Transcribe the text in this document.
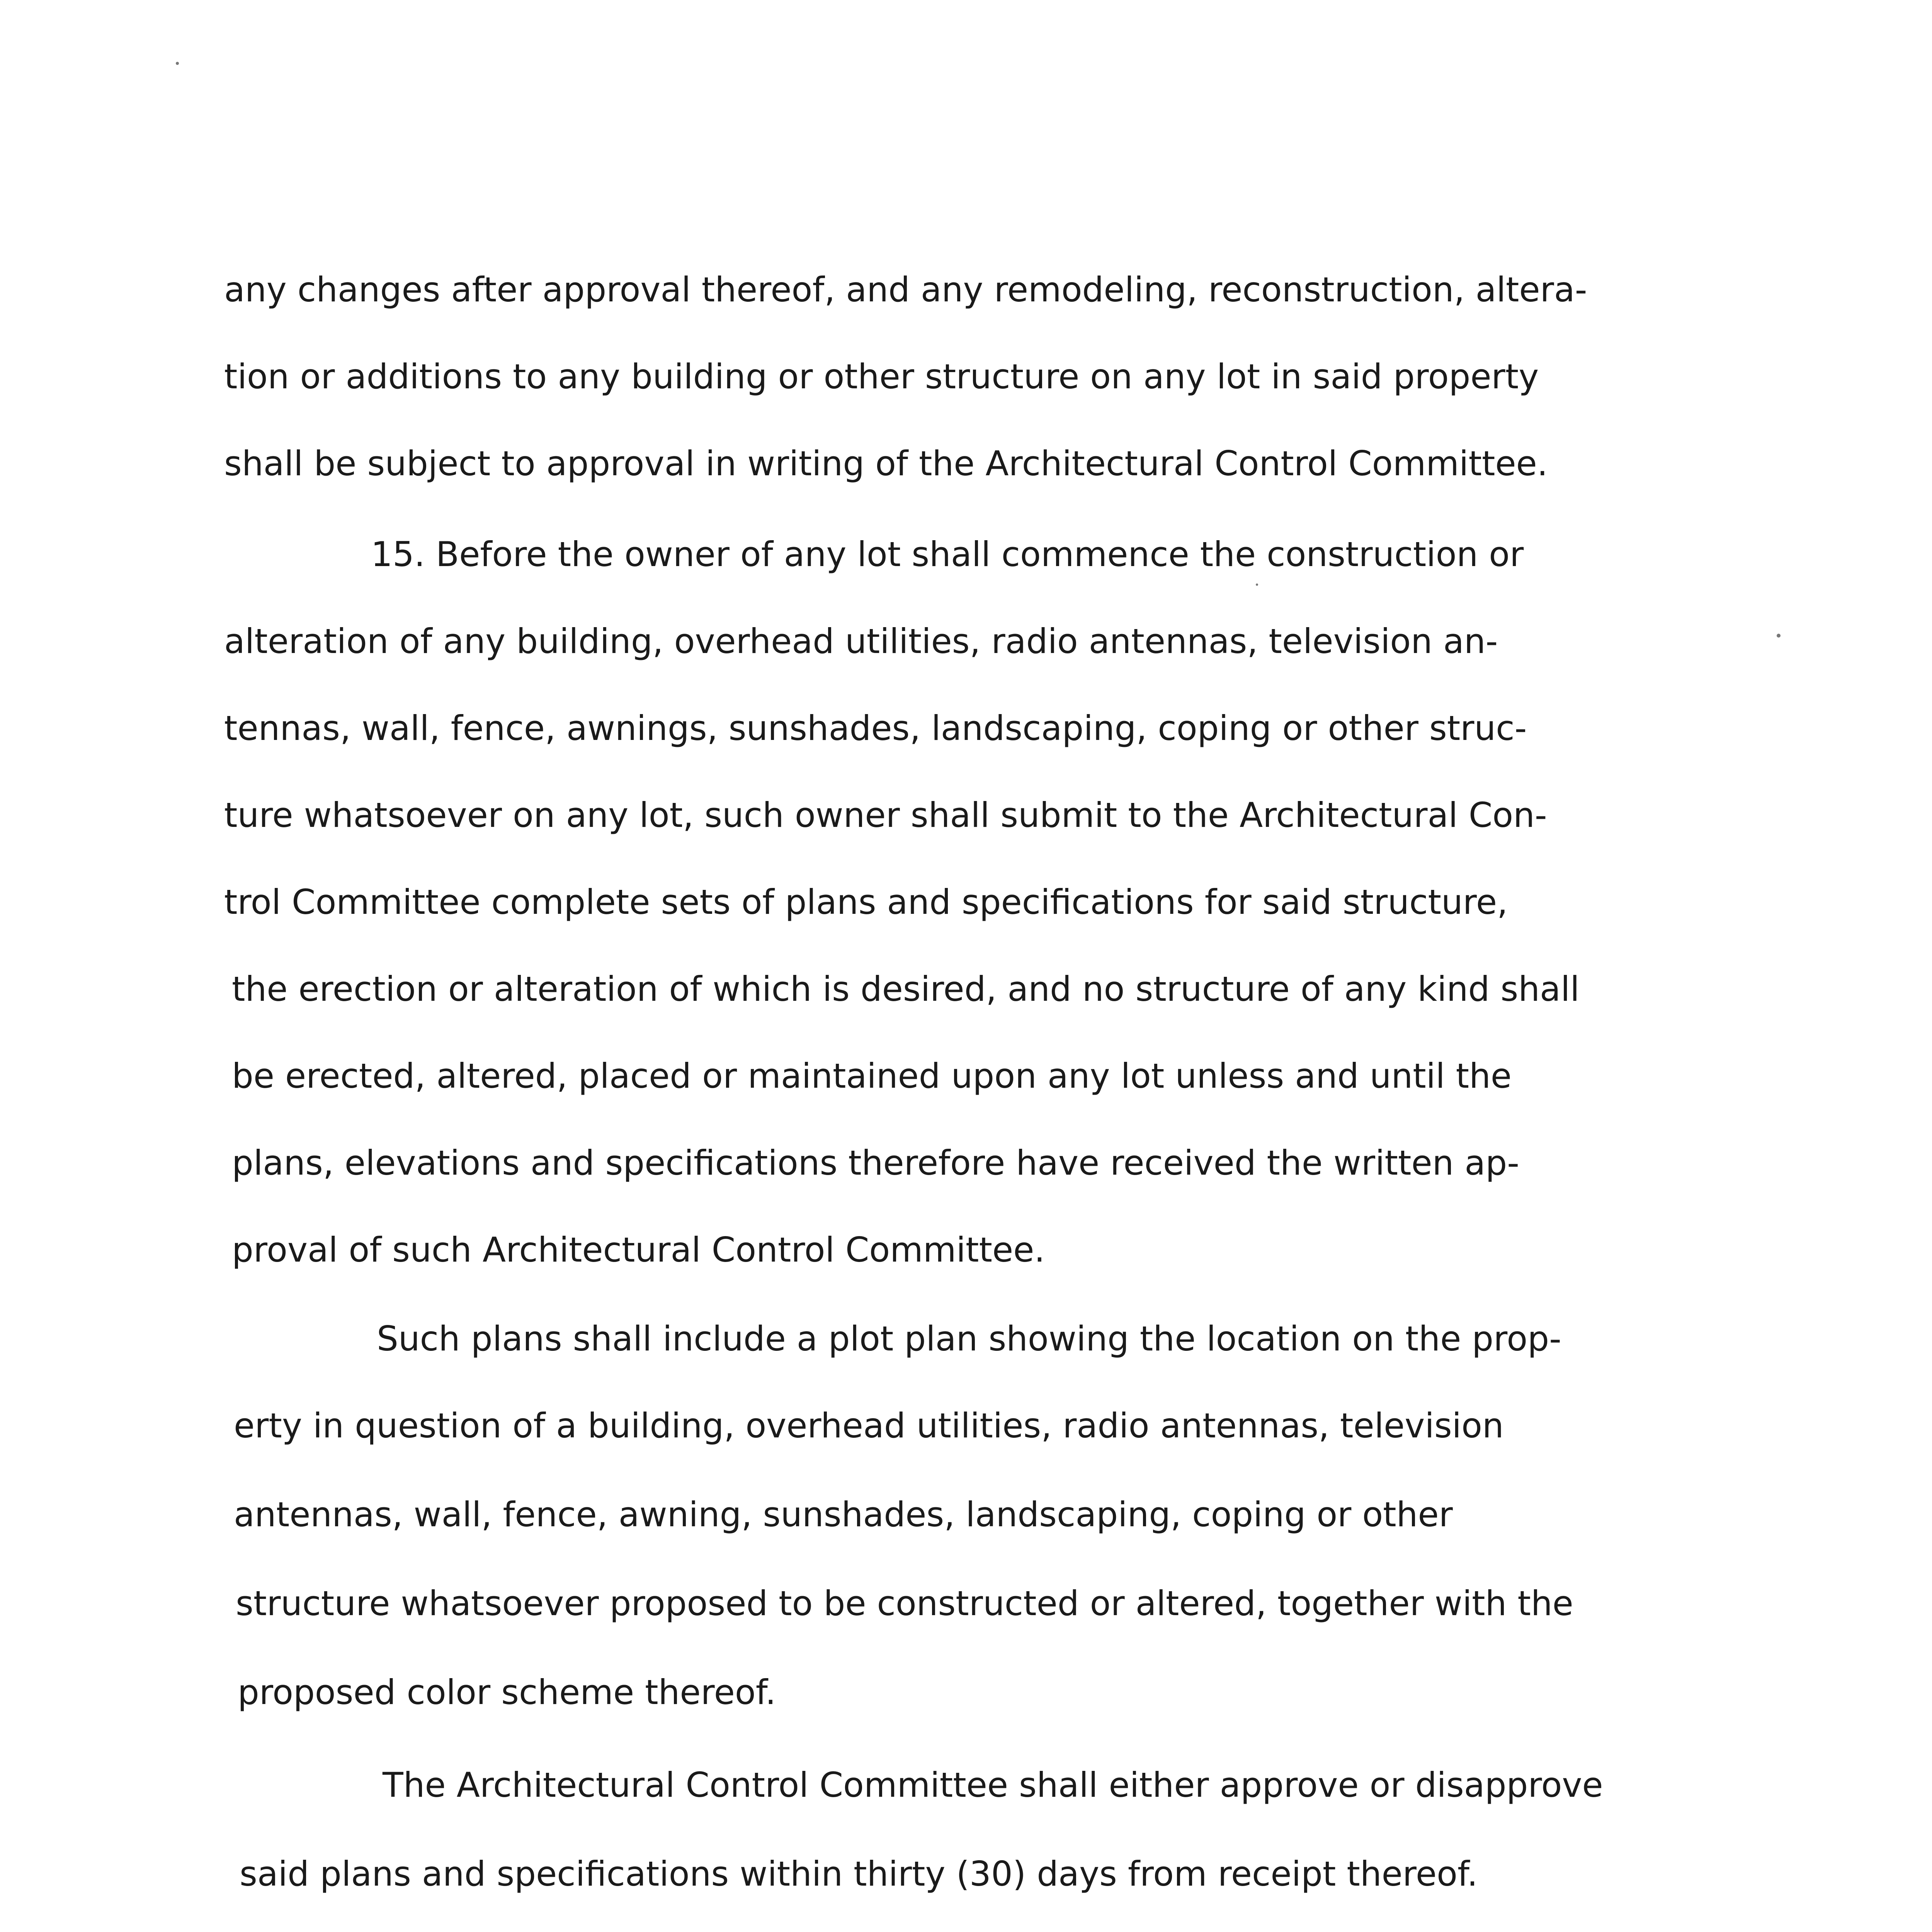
any changes after approval thereof, and any remodeling, reconstruction, altera-
tion or additions to any building or other structure on any lot in said property
shall be subject to approval in writing of the Architectural Control Committee.
15. Before the owner of any lot shall commence the construction or
alteration of any building, overhead utilities, radio antennas, television an-
tennas, wall, fence, awnings, sunshades, landscaping, coping or other struc-
ture whatsoever on any lot, such owner shall submit to the Architectural Con-
trol Committee complete sets of plans and specifications for said structure,
the erection or alteration of which is desired, and no structure of any kind shall
be erected, altered, placed or maintained upon any lot unless and until the
plans, elevations and specifications therefore have received the written ap-
proval of such Architectural Control Committee.
Such plans shall include a plot plan showing the location on the prop-
erty in question of a building, overhead utilities, radio antennas, television
antennas, wall, fence, awning, sunshades, landscaping, coping or other
structure whatsoever proposed to be constructed or altered, together with the
proposed color scheme thereof.
The Architectural Control Committee shall either approve or disapprove
said plans and specifications within thirty (30) days from receipt thereof.
